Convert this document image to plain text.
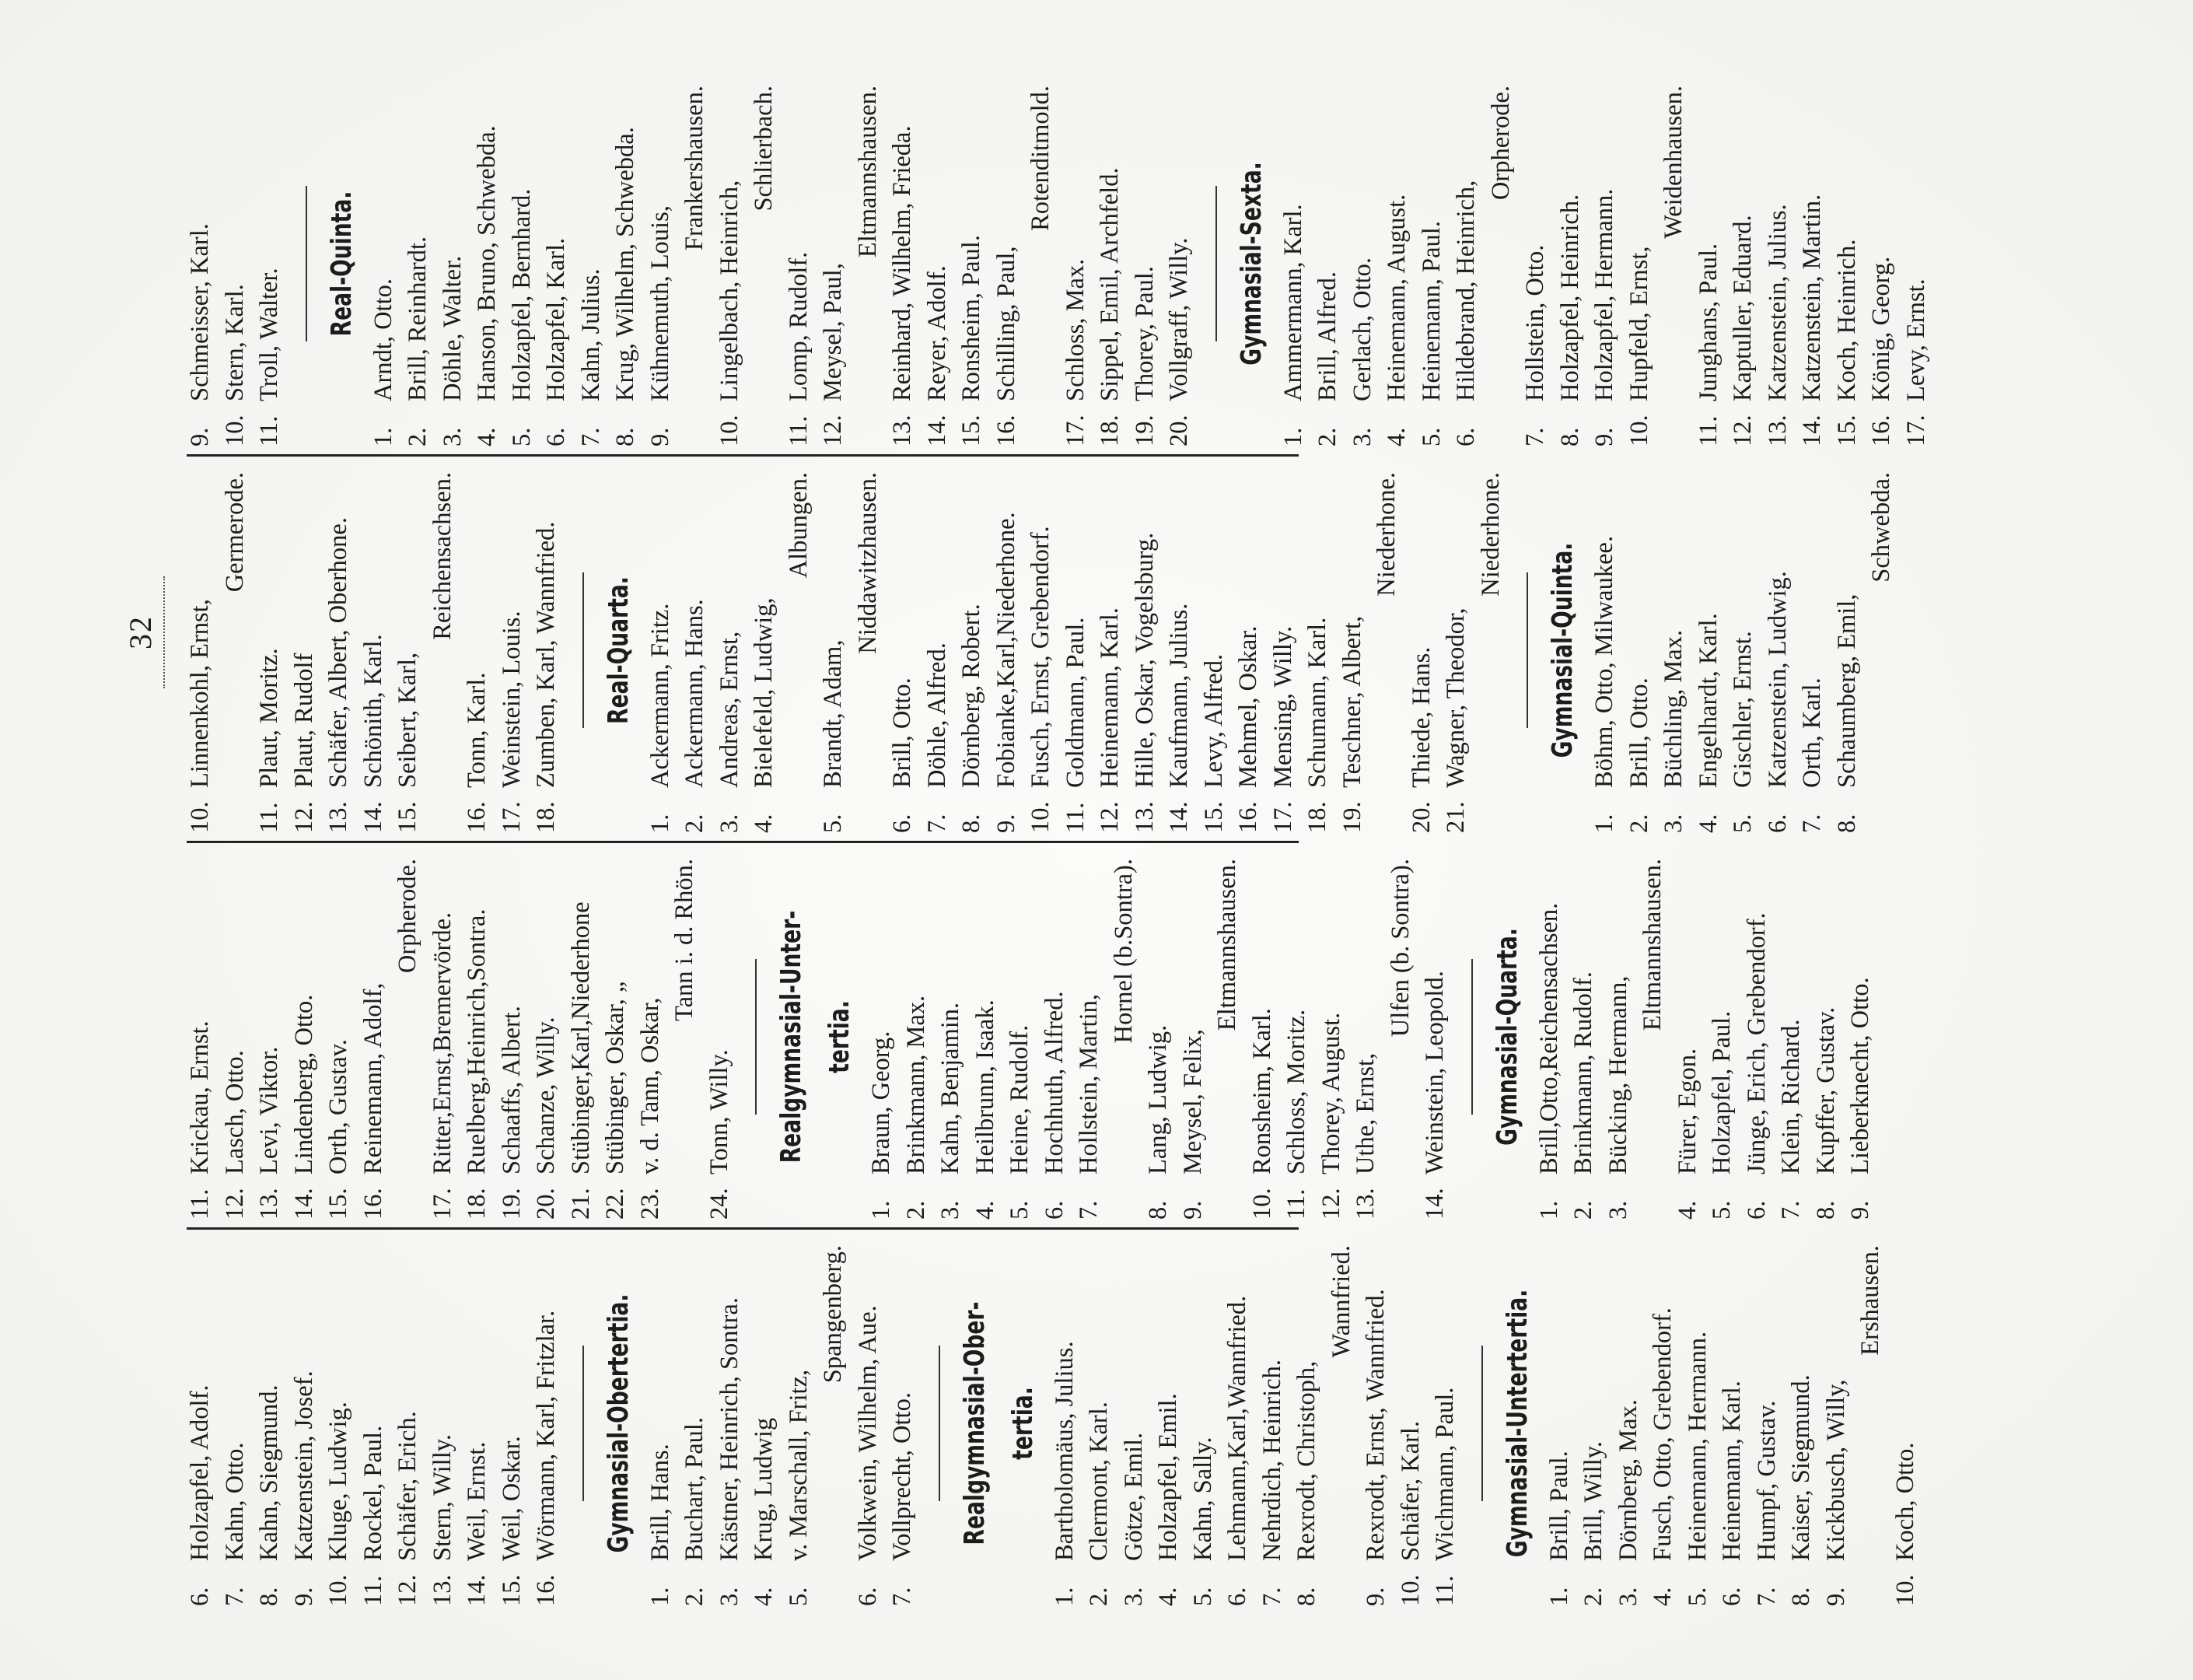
32
6.
Holzapfel, Adolf.
7.
Kahn, Otto.
8.
Kahn, Siegmund.
9.
Katzenstein, Josef.
10.
Kluge, Ludwig.
11.
Rockel, Paul.
12.
Schäfer, Erich.
13.
Stern, Willy.
14.
Weil, Ernst.
15.
Weil, Oskar.
16.
Wörmann, Karl, Fritzlar. Gymnasial-Obertertia.
1.
Brill, Hans.
2.
Buchart, Paul.
3.
Kästner, Heinrich, Sontra.
4.
Krug, Ludwig
5.
v. Marschall, Fritz,
Spangenberg.
6.
Volkwein, Wilhelm, Aue.
7.
Vollprecht, Otto. Realgymnasial-Ober- tertia.
1.
Bartholomäus, Julius.
2.
Clermont, Karl.
3.
Götze, Emil.
4.
Holzapfel, Emil.
5.
Kahn, Sally.
6.
Lehmann,Karl,Wannfried.
7.
Nehrdich, Heinrich.
8.
Rexrodt, Christoph,
Wannfried.
9.
Rexrodt, Ernst, Wannfried.
10.
Schäfer, Karl.
11.
Wichmann, Paul. Gymnasial-Untertertia.
1.
Brill, Paul.
2.
Brill, Willy.
3.
Dörnberg, Max.
4.
Fusch, Otto, Grebendorf.
5.
Heinemann, Hermann.
6.
Heinemann, Karl.
7.
Humpf, Gustav.
8.
Kaiser, Siegmund.
9.
Kickbusch, Willy,
Ershausen.
10.
Koch, Otto.
11.
Krickau, Ernst.
12.
Lasch, Otto.
13.
Levi, Viktor.
14.
Lindenberg, Otto.
15.
Orth, Gustav.
16.
Reinemann, Adolf,
Orpherode.
17.
Ritter,Ernst,Bremervörde.
18.
Ruelberg,Heinrich,Sontra.
19.
Schaaffs, Albert.
20.
Schanze, Willy.
21.
Stübinger,Karl,Niederhone
22.
Stübinger, Oskar, „
23.
v. d. Tann, Oskar,
Tann i. d. Rhön.
24.
Tonn, Willy. Realgymnasial-Unter- tertia.
1.
Braun, Georg.
2.
Brinkmann, Max.
3.
Kahn, Benjamin.
4.
Heilbrunn, Isaak.
5.
Heine, Rudolf.
6.
Hochhuth, Alfred.
7.
Hollstein, Martin,
Hornel (b.Sontra).
8.
Lang, Ludwig.
9.
Meysel, Felix,
Eltmannshausen.
10.
Ronsheim, Karl.
11.
Schloss, Moritz.
12.
Thorey, August.
13.
Uthe, Ernst,
Ulfen (b. Sontra).
14.
Weinstein, Leopold. Gymnasial-Quarta.
1.
Brill,Otto,Reichensachsen.
2.
Brinkmann, Rudolf.
3.
Bücking, Hermann,
Eltmannshausen.
4.
Fürer, Egon.
5.
Holzapfel, Paul.
6.
Jünge, Erich, Grebendorf.
7.
Klein, Richard.
8.
Kupffer, Gustav.
9.
Lieberknecht, Otto.
10.
Linnenkohl, Ernst,
Germerode.
11.
Plaut, Moritz.
12.
Plaut, Rudolf
13.
Schäfer, Albert, Oberhone.
14.
Schönith, Karl.
15.
Seibert, Karl,
Reichensachsen.
16.
Tonn, Karl.
17.
Weinstein, Louis.
18.
Zumben, Karl, Wannfried. Real-Quarta.
1.
Ackermann, Fritz.
2.
Ackermann, Hans.
3.
Andreas, Ernst,
4.
Bielefeld, Ludwig,
Albungen.
5.
Brandt, Adam,
Niddawitzhausen.
6.
Brill, Otto.
7.
Döhle, Alfred.
8.
Dörnberg, Robert.
9.
Fobianke,Karl,Niederhone.
10.
Fusch, Ernst, Grebendorf.
11.
Goldmann, Paul.
12.
Heinemann, Karl.
13.
Hille, Oskar, Vogelsburg.
14.
Kaufmann, Julius.
15.
Levy, Alfred.
16.
Mehmel, Oskar.
17.
Mensing, Willy.
18.
Schumann, Karl.
19.
Teschner, Albert,
Niederhone.
20.
Thiede, Hans.
21.
Wagner, Theodor,
Niederhone.
Gymnasial-Quinta.
1.
Böhm, Otto, Milwaukee.
2.
Brill, Otto.
3.
Büchling, Max.
4.
Engelhardt, Karl.
5.
Gischler, Ernst.
6.
Katzenstein, Ludwig.
7.
Orth, Karl.
8.
Schaumberg, Emil,
Schwebda.
9.
Schmeisser, Karl.
10.
Stern, Karl.
11.
Troll, Walter. Real-Quinta.
1.
Arndt, Otto.
2.
Brill, Reinhardt.
3.
Döhle, Walter.
4.
Hanson, Bruno, Schwebda.
5.
Holzapfel, Bernhard.
6.
Holzapfel, Karl.
7.
Kahn, Julius.
8.
Krug, Wilhelm, Schwebda.
9.
Kühnemuth, Louis,
Frankershausen.
10.
Lingelbach, Heinrich,
Schlierbach.
11.
Lomp, Rudolf.
12.
Meysel, Paul,
Eltmannshausen.
13.
Reinhard, Wilhelm, Frieda.
14.
Reyer, Adolf.
15.
Ronsheim, Paul.
16.
Schilling, Paul,
Rotenditmold.
17.
Schloss, Max.
18.
Sippel, Emil, Archfeld.
19.
Thorey, Paul.
20.
Vollgraff, Willy. Gymnasial-Sexta.
1.
Ammermann, Karl.
2.
Brill, Alfred.
3.
Gerlach, Otto.
4.
Heinemann, August.
5.
Heinemann, Paul.
6.
Hildebrand, Heinrich,
Orpherode.
7.
Hollstein, Otto.
8.
Holzapfel, Heinrich.
9.
Holzapfel, Hermann.
10.
Hupfeld, Ernst,
Weidenhausen.
11.
Junghans, Paul.
12.
Kaptuller, Eduard.
13.
Katzenstein, Julius.
14.
Katzenstein, Martin.
15.
Koch, Heinrich.
16.
König, Georg.
17.
Levy, Ernst.
